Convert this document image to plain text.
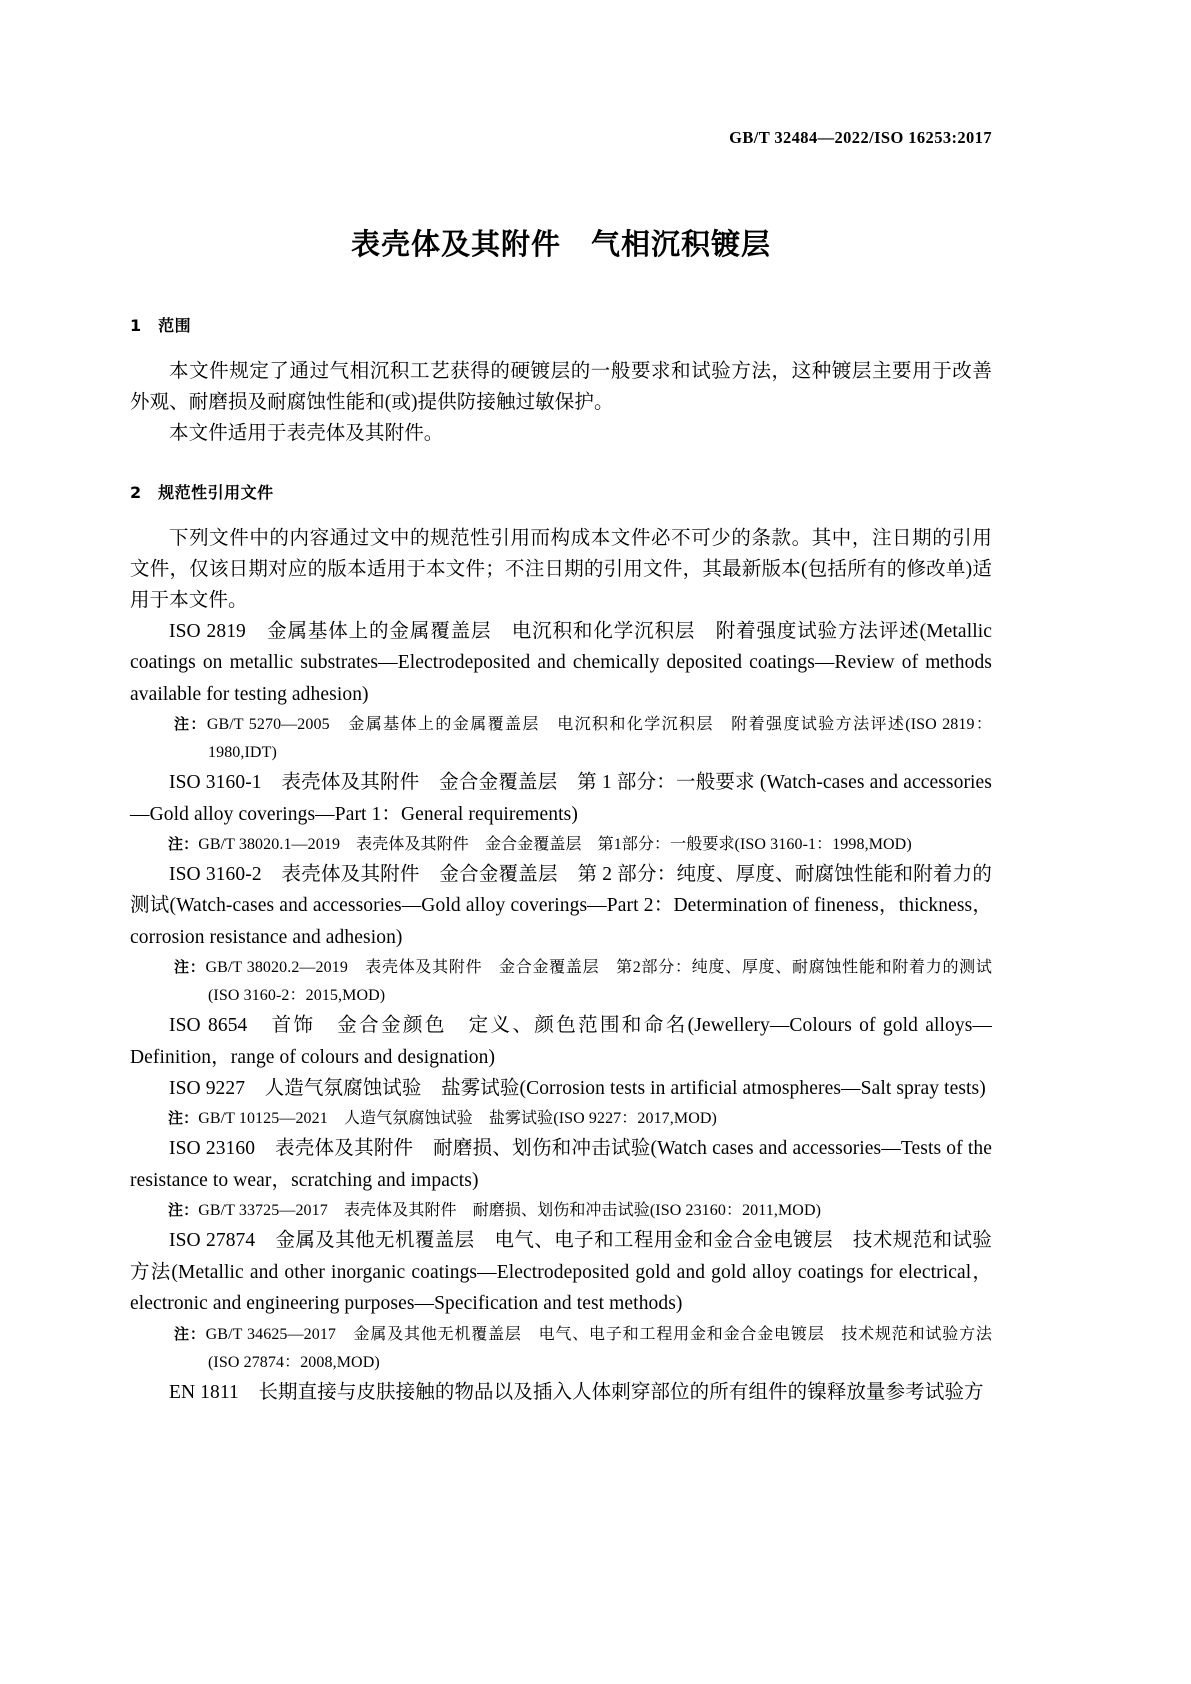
GB/T 32484—2022/ISO 16253:2017
表壳体及其附件　气相沉积镀层
1　 范围

本文件规定了通过气相沉积工艺获得的硬镀层的一般要求和试验方法，这种镀层主要用于改善外观、耐磨损及耐腐蚀性能和(或)提供防接触过敏保护。

本文件适用于表壳体及其附件。

2　 规范性引用文件

下列文件中的内容通过文中的规范性引用而构成本文件必不可少的条款。其中，注日期的引用文件，仅该日期对应的版本适用于本文件；不注日期的引用文件，其最新版本(包括所有的修改单)适用于本文件。

ISO 2819　金属基体上的金属覆盖层　电沉积和化学沉积层　附着强度试验方法评述(Metallic coatings on metallic substrates—Electrodeposited and chemically deposited coatings—Review of methods available for testing adhesion)

注：GB/T 5270—2005　金属基体上的金属覆盖层　电沉积和化学沉积层　附着强度试验方法评述(ISO 2819：1980,IDT)

ISO 3160-1　表壳体及其附件　金合金覆盖层　第 1 部分：一般要求 (Watch-cases and accessories—Gold alloy coverings—Part 1：General requirements)

注：GB/T 38020.1—2019　表壳体及其附件　金合金覆盖层　第1部分：一般要求(ISO 3160-1：1998,MOD)

ISO 3160-2　表壳体及其附件　金合金覆盖层　第 2 部分：纯度、厚度、耐腐蚀性能和附着力的测试(Watch-cases and accessories—Gold alloy coverings—Part 2：Determination of fineness，thickness，corrosion resistance and adhesion)

注：GB/T 38020.2—2019　表壳体及其附件　金合金覆盖层　第2部分：纯度、厚度、耐腐蚀性能和附着力的测试(ISO 3160-2：2015,MOD)

ISO 8654　首饰　金合金颜色　定义、颜色范围和命名(Jewellery—Colours of gold alloys—Definition，range of colours and designation)

ISO 9227　人造气氛腐蚀试验　盐雾试验(Corrosion tests in artificial atmospheres—Salt spray tests)

注：GB/T 10125—2021　人造气氛腐蚀试验　盐雾试验(ISO 9227：2017,MOD)

ISO 23160　表壳体及其附件　耐磨损、划伤和冲击试验(Watch cases and accessories—Tests of the resistance to wear，scratching and impacts)

注：GB/T 33725—2017　表壳体及其附件　耐磨损、划伤和冲击试验(ISO 23160：2011,MOD)

ISO 27874　金属及其他无机覆盖层　电气、电子和工程用金和金合金电镀层　技术规范和试验方法(Metallic and other inorganic coatings—Electrodeposited gold and gold alloy coatings for electrical，electronic and engineering purposes—Specification and test methods)

注：GB/T 34625—2017　金属及其他无机覆盖层　电气、电子和工程用金和金合金电镀层　技术规范和试验方法(ISO 27874：2008,MOD)

EN 1811　长期直接与皮肤接触的物品以及插入人体刺穿部位的所有组件的镍释放量参考试验方
